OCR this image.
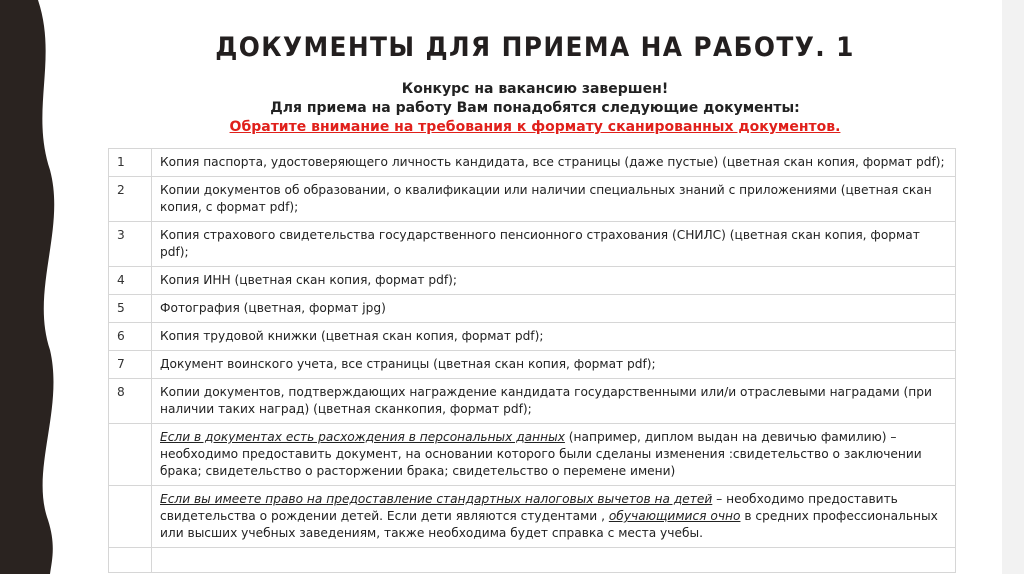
ДОКУМЕНТЫ ДЛЯ ПРИЕМА НА РАБОТУ. 1
Конкурс на вакансию завершен!
Для приема на работу Вам понадобятся следующие документы:
Обратите внимание на требования к формату сканированных документов.
1	Копия паспорта, удостоверяющего личность кандидата, все страницы (даже пустые) (цветная скан копия, формат pdf);
2	Копии документов об образовании, о квалификации или наличии специальных знаний с приложениями (цветная скан копия, с формат pdf);
3	Копия страхового свидетельства государственного пенсионного страхования (СНИЛС) (цветная скан копия, формат pdf);
4	Копия ИНН (цветная скан копия, формат pdf);
5	Фотография (цветная, формат jpg)
6	Копия трудовой книжки (цветная скан копия, формат pdf);
7	Документ воинского учета, все страницы (цветная скан копия, формат pdf);
8	Копии документов, подтверждающих награждение кандидата государственными или/и отраслевыми наградами (при наличии таких наград) (цветная сканкопия, формат pdf);
	Если в документах есть расхождения в персональных данных (например, диплом выдан на девичью фамилию) – необходимо предоставить документ, на основании которого были сделаны изменения :свидетельство о заключении брака; свидетельство о расторжении брака; свидетельство о перемене имени)
	Если вы имеете право на предоставление стандартных налоговых вычетов на детей – необходимо предоставить свидетельства о рождении детей. Если дети являются студентами , обучающимися очно в средних профессиональных или высших учебных заведениям, также необходима будет справка с места учебы.
